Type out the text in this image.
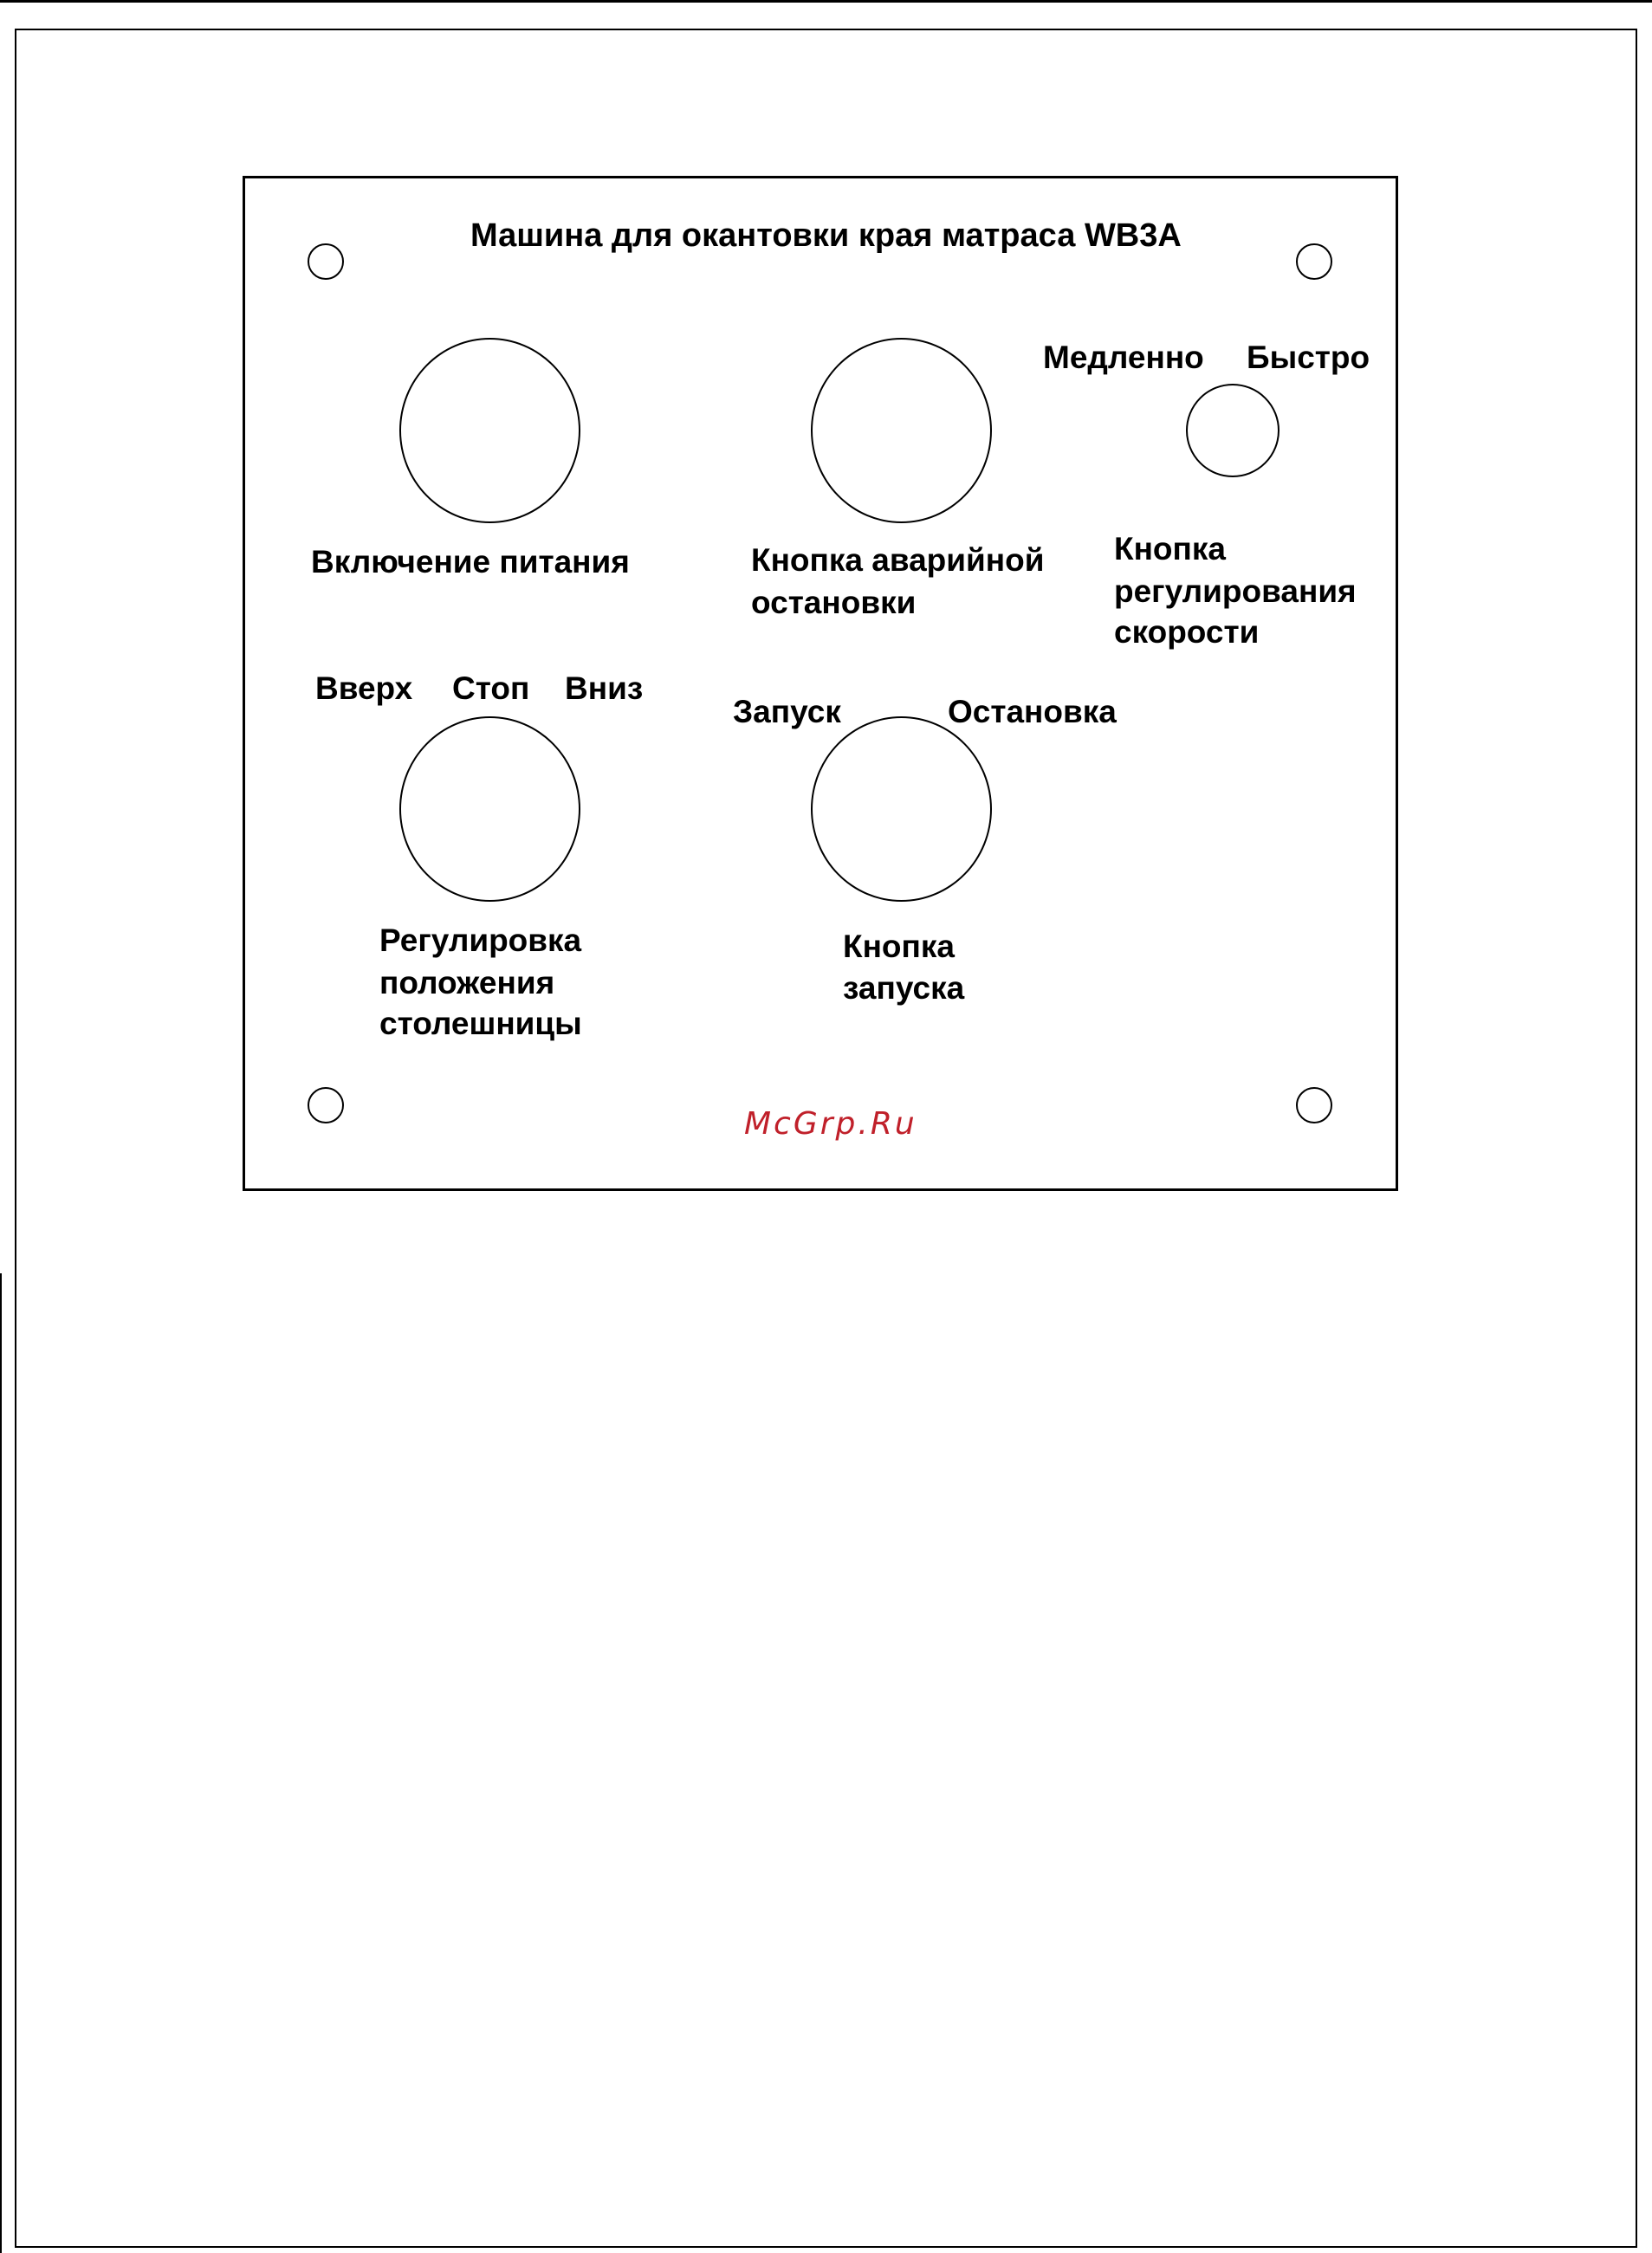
Машина для окантовки края матраса WB3A
Включение питания	Кнопка аварийной
остановки
Медленно Быстро
Кнопка
регулирования
скорости
Вверх Стоп Вниз
Регулировка
положения
столешницы
Запуск	Остановка
Кнопка
запуска
McGrp.Ru
